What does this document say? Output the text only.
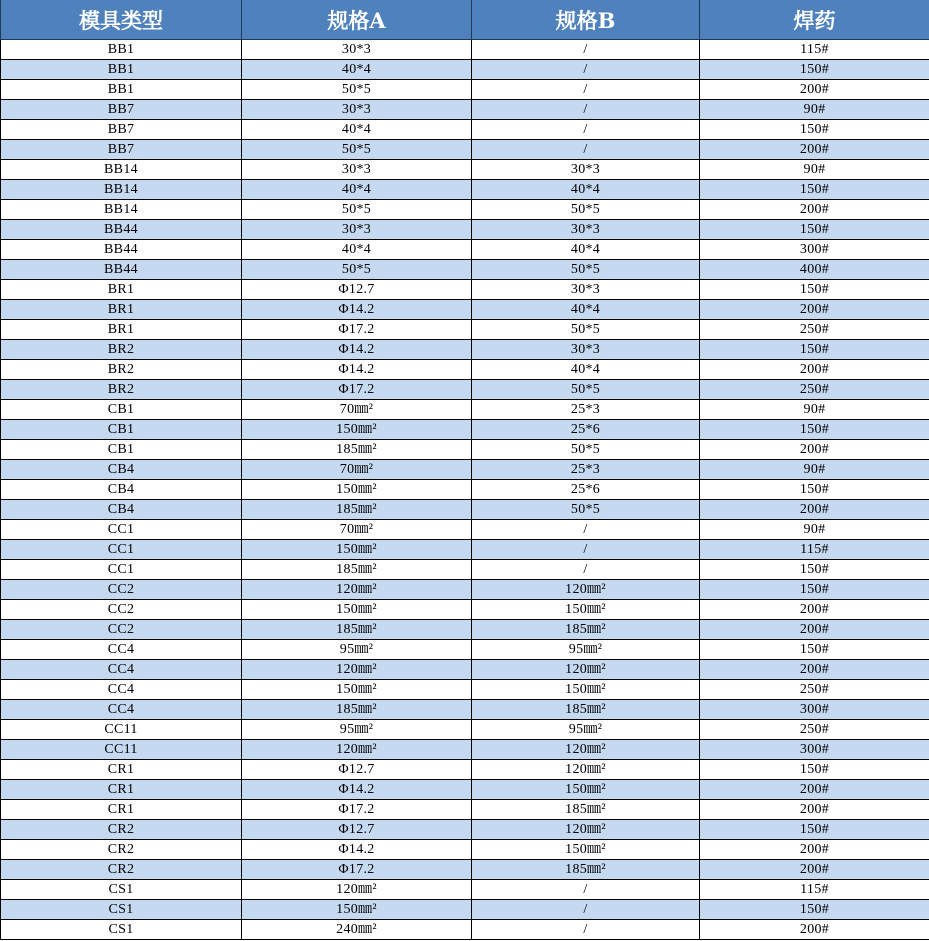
模具类型	规格A	规格B	焊药
BB1	30*3	/	115#
BB1	40*4	/	150#
BB1	50*5	/	200#
BB7	30*3	/	90#
BB7	40*4	/	150#
BB7	50*5	/	200#
BB14	30*3	30*3	90#
BB14	40*4	40*4	150#
BB14	50*5	50*5	200#
BB44	30*3	30*3	150#
BB44	40*4	40*4	300#
BB44	50*5	50*5	400#
BR1	Φ12.7	30*3	150#
BR1	Φ14.2	40*4	200#
BR1	Φ17.2	50*5	250#
BR2	Φ14.2	30*3	150#
BR2	Φ14.2	40*4	200#
BR2	Φ17.2	50*5	250#
CB1	70㎜²	25*3	90#
CB1	150㎜²	25*6	150#
CB1	185㎜²	50*5	200#
CB4	70㎜²	25*3	90#
CB4	150㎜²	25*6	150#
CB4	185㎜²	50*5	200#
CC1	70㎜²	/	90#
CC1	150㎜²	/	115#
CC1	185㎜²	/	150#
CC2	120㎜²	120㎜²	150#
CC2	150㎜²	150㎜²	200#
CC2	185㎜²	185㎜²	200#
CC4	95㎜²	95㎜²	150#
CC4	120㎜²	120㎜²	200#
CC4	150㎜²	150㎜²	250#
CC4	185㎜²	185㎜²	300#
CC11	95㎜²	95㎜²	250#
CC11	120㎜²	120㎜²	300#
CR1	Φ12.7	120㎜²	150#
CR1	Φ14.2	150㎜²	200#
CR1	Φ17.2	185㎜²	200#
CR2	Φ12.7	120㎜²	150#
CR2	Φ14.2	150㎜²	200#
CR2	Φ17.2	185㎜²	200#
CS1	120㎜²	/	115#
CS1	150㎜²	/	150#
CS1	240㎜²	/	200#
